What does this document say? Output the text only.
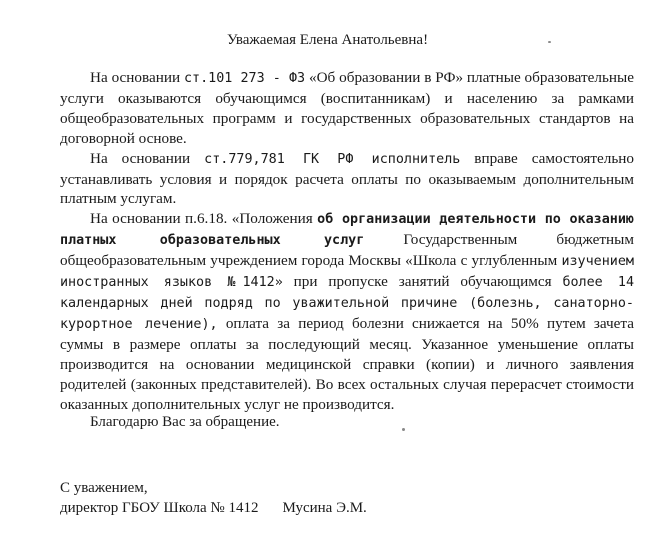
Уважаемая Елена Анатольевна!

На основании ст.101 273 - ФЗ «Об образовании в РФ» платные образовательные услуги оказываются обучающимся (воспитанникам) и населению за рамками общеобразовательных программ и государственных образовательных стандартов на договорной основе.

На основании ст.779,781 ГК РФ исполнитель вправе самостоятельно устанавливать условия и порядок расчета оплаты по оказываемым дополнительным платным услугам.

На основании п.6.18. «Положения об организации деятельности по оказанию платных образовательных услуг Государственным бюджетным общеобразовательным учреждением города Москвы «Школа с углубленным изучением иностранных языков №1412» при пропуске занятий обучающимся более 14 календарных дней подряд по уважительной причине (болезнь, санаторно-курортное лечение), оплата за период болезни снижается на 50% путем зачета суммы в размере оплаты за последующий месяц. Указанное уменьшение оплаты производится на основании медицинской справки (копии) и личного заявления родителей (законных представителей). Во всех остальных случая перерасчет стоимости оказанных дополнительных услуг не производится.

Благодарю Вас за обращение.
С уважением,
директор ГБОУ Школа № 1412 Мусина Э.М.
